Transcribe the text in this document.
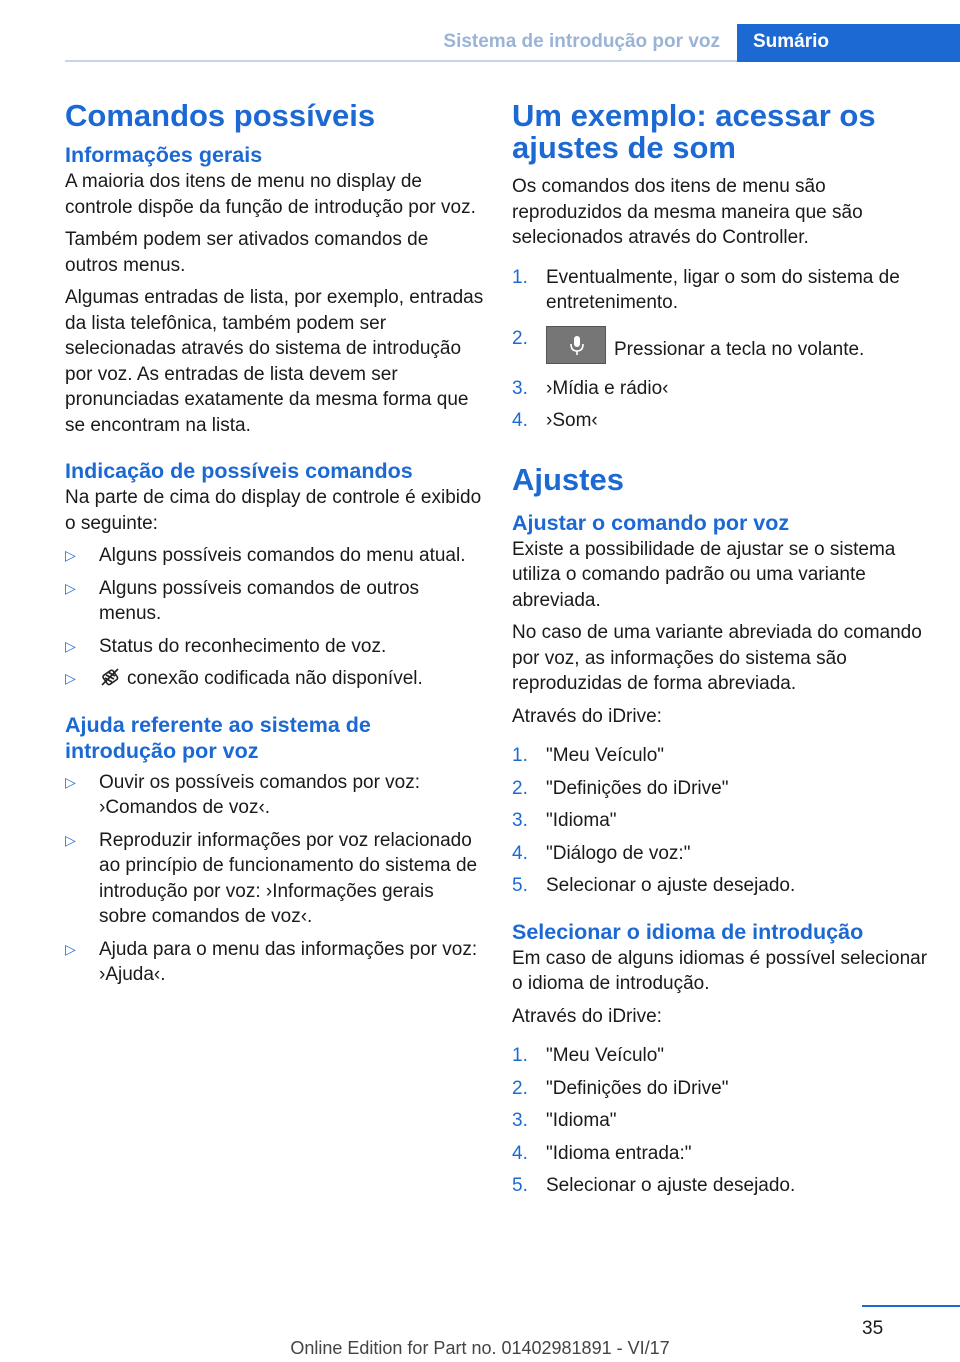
Sistema de introdução por voz	Sumário
Comandos possíveis
Informações gerais

A maioria dos itens de menu no display de controle dispõe da função de introdução por voz.

Também podem ser ativados comandos de outros menus.

Algumas entradas de lista, por exemplo, entradas da lista telefônica, também podem ser selecionadas através do sistema de introdução por voz. As entradas de lista devem ser pronunciadas exatamente da mesma forma que se encontram na lista.

Indicação de possíveis comandos

Na parte de cima do display de controle é exibido o seguinte:

▷ Alguns possíveis comandos do menu atual.
▷ Alguns possíveis comandos de outros menus.
▷ Status do reconhecimento de voz.
▷	conexão codificada não disponível.
Ajuda referente ao sistema de introdução por voz
▷ Ouvir os possíveis comandos por voz: ›Comandos de voz‹.
▷ Reproduzir informações por voz relacionado ao princípio de funcionamento do sistema de introdução por voz: ›Informações gerais sobre comandos de voz‹.
▷ Ajuda para o menu das informações por voz: ›Ajuda‹.
Um exemplo: acessar os ajustes de som

Os comandos dos itens de menu são reproduzidos da mesma maneira que são selecionados através do Controller.

1. Eventualmente, ligar o som do sistema de entretenimento.
2.
Pressionar a tecla no volante.
3. ›Mídia e rádio‹
4. ›Som‹
Ajustes
Ajustar o comando por voz

Existe a possibilidade de ajustar se o sistema utiliza o comando padrão ou uma variante abreviada.

No caso de uma variante abreviada do comando por voz, as informações do sistema são reproduzidas de forma abreviada.

Através do iDrive:

1. "Meu Veículo"
2. "Definições do iDrive"
3. "Idioma"
4. "Diálogo de voz:"
5. Selecionar o ajuste desejado.
Selecionar o idioma de introdução

Em caso de alguns idiomas é possível selecionar o idioma de introdução.

Através do iDrive:

1. "Meu Veículo"
2. "Definições do iDrive"
3. "Idioma"
4. "Idioma entrada:"
5. Selecionar o ajuste desejado.
35
Online Edition for Part no. 01402981891 - VI/17
